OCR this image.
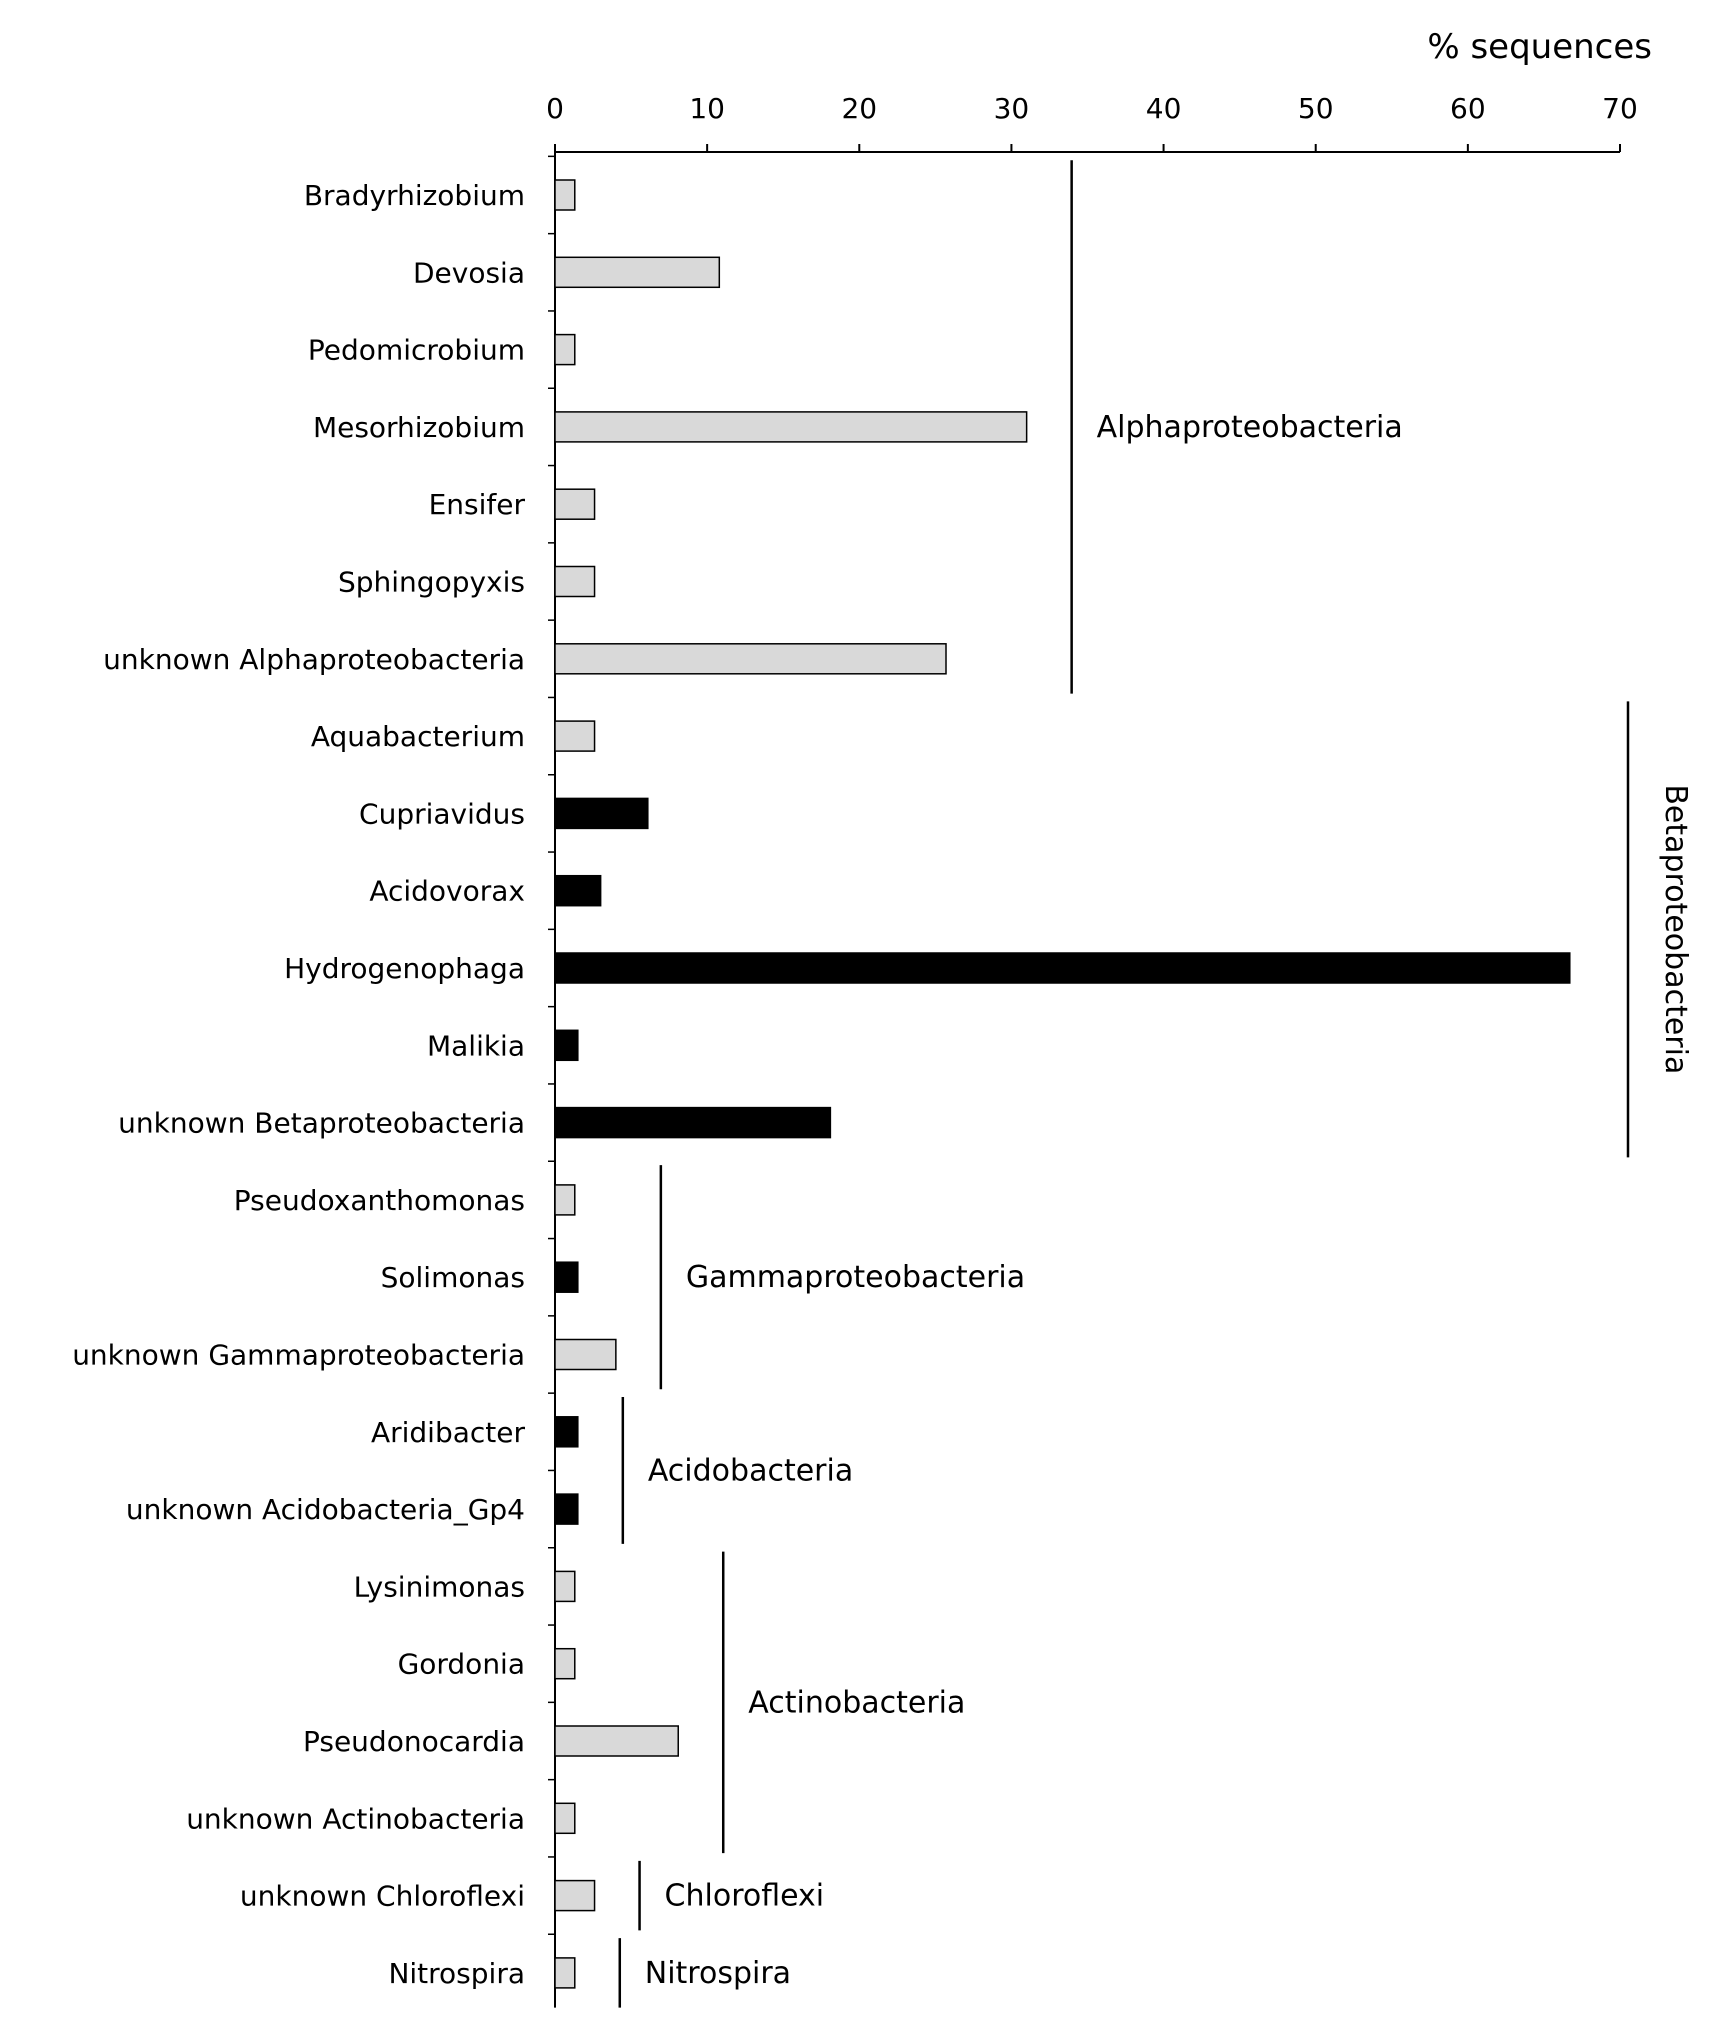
% sequences
0	10	20	30	40	50	60	70
Bradyrhizobium
Devosia
Pedomicrobium
Mesorhizobium
Ensifer
Sphingopyxis
unknown Alphaproteobacteria
Aquabacterium
Cupriavidus
Acidovorax
Hydrogenophaga
Malikia
unknown Betaproteobacteria
Pseudoxanthomonas
Solimonas
unknown Gammaproteobacteria
Aridibacter
unknown Acidobacteria_Gp4
Lysinimonas
Gordonia
Pseudonocardia
unknown Actinobacteria
unknown Chloroflexi
Nitrospira
Alphaproteobacteria
Betaproteobacteria
Gammaproteobacteria
Acidobacteria
Actinobacteria
Chloroflexi
Nitrospira
